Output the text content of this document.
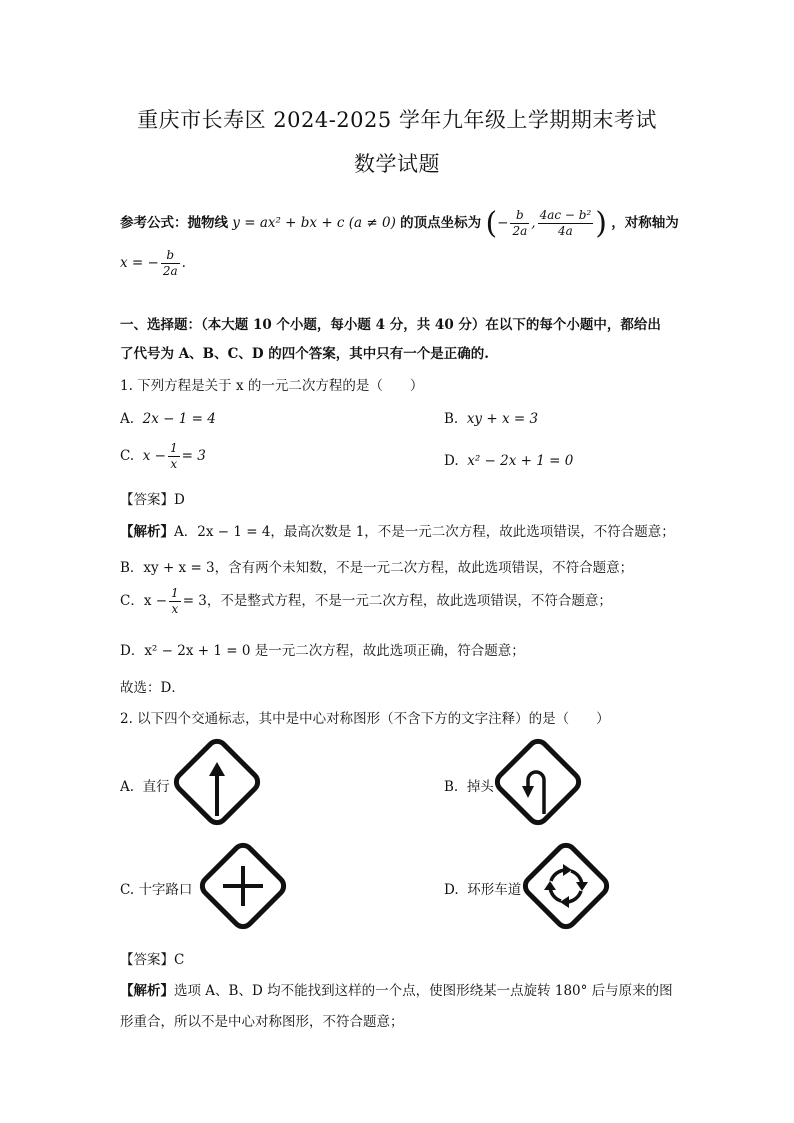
重庆市长寿区 2024-2025 学年九年级上学期期末考试
数学试题
参考公式：抛物线 y = ax² + bx + c (a ≠ 0) 的顶点坐标为 (− $\frac{b}{2a}$ , $\frac{\text{4ac − b²}}{4a}$ ) ，对称轴为
x = − $\frac{b}{2a}$ .
一、选择题：（本大题 10 个小题，每小题 4 分，共 40 分）在以下的每个小题中，都给出
了代号为 A、B、C、D 的四个答案，其中只有一个是正确的.
1. 下列方程是关于 x 的一元二次方程的是（　　）
A. 2x − 1 = 4	B. xy + x = 3
C. $x - \frac{1}{x} = 3$	D. x² − 2x + 1 = 0
【答案】D
【解析】A．2x − 1 = 4，最高次数是 1，不是一元二次方程，故此选项错误，不符合题意；
B．xy + x = 3，含有两个未知数，不是一元二次方程，故此选项错误，不符合题意；
C．$x - \frac{1}{x} = 3$，不是整式方程，不是一元二次方程，故此选项错误，不符合题意；
D．x² − 2x + 1 = 0 是一元二次方程，故此选项正确，符合题意；
故选：D．
2. 以下四个交通标志，其中是中心对称图形（不含下方的文字注释）的是（　　）
A. 直行	B. 掉头
C. 十字路口	D. 环形车道
【答案】C
【解析】选项 A、B、D 均不能找到这样的一个点，使图形绕某一点旋转 180° 后与原来的图
形重合，所以不是中心对称图形，不符合题意；
